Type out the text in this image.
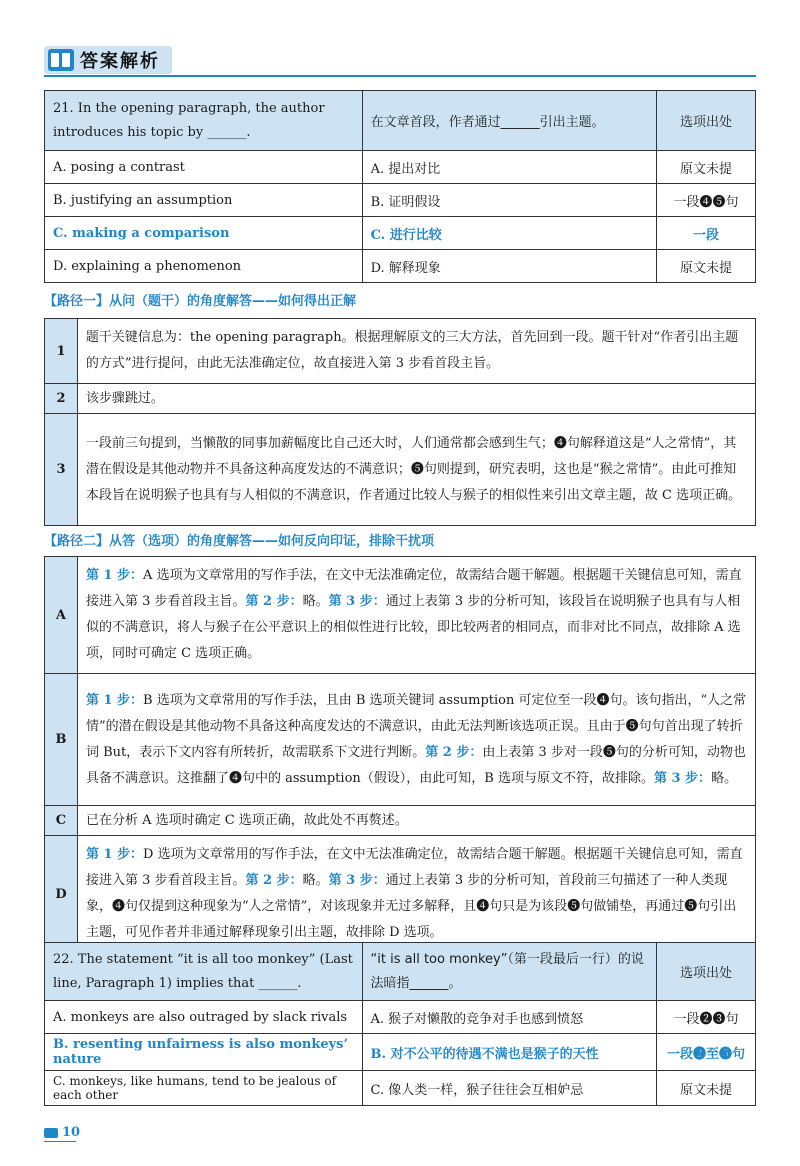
答案解析
21. In the opening paragraph, the author introduces his topic by ______.	在文章首段，作者通过______引出主题。	选项出处
A. posing a contrast	A. 提出对比	原文未提
B. justifying an assumption	B. 证明假设	一段❹❺句
C. making a comparison	C. 进行比较	一段
D. explaining a phenomenon	D. 解释现象	原文未提
【路径一】从问（题干）的角度解答——如何得出正解
1	题干关键信息为：the opening paragraph。根据理解原文的三大方法，首先回到一段。题干针对“作者引出主题的方式”进行提问，由此无法准确定位，故直接进入第 3 步看首段主旨。
2	该步骤跳过。
3	一段前三句提到，当懒散的同事加薪幅度比自己还大时，人们通常都会感到生气；❹句解释道这是“人之常情”，其潜在假设是其他动物并不具备这种高度发达的不满意识；❺句则提到，研究表明，这也是“猴之常情”。由此可推知本段旨在说明猴子也具有与人相似的不满意识，作者通过比较人与猴子的相似性来引出文章主题，故 C 选项正确。
【路径二】从答（选项）的角度解答——如何反向印证，排除干扰项
A	第 1 步：A 选项为文章常用的写作手法，在文中无法准确定位，故需结合题干解题。根据题干关键信息可知，需直接进入第 3 步看首段主旨。第 2 步：略。第 3 步：通过上表第 3 步的分析可知，该段旨在说明猴子也具有与人相似的不满意识，将人与猴子在公平意识上的相似性进行比较，即比较两者的相同点，而非对比不同点，故排除 A 选项，同时可确定 C 选项正确。
B	第 1 步：B 选项为文章常用的写作手法，且由 B 选项关键词 assumption 可定位至一段❹句。该句指出，“人之常情”的潜在假设是其他动物不具备这种高度发达的不满意识，由此无法判断该选项正误。且由于❺句句首出现了转折词 But，表示下文内容有所转折，故需联系下文进行判断。第 2 步：由上表第 3 步对一段❺句的分析可知，动物也具备不满意识。这推翻了❹句中的 assumption（假设），由此可知，B 选项与原文不符，故排除。第 3 步：略。
C	已在分析 A 选项时确定 C 选项正确，故此处不再赘述。
D	第 1 步：D 选项为文章常用的写作手法，在文中无法准确定位，故需结合题干解题。根据题干关键信息可知，需直接进入第 3 步看首段主旨。第 2 步：略。第 3 步：通过上表第 3 步的分析可知，首段前三句描述了一种人类现象，❹句仅提到这种现象为“人之常情”，对该现象并无过多解释，且❹句只是为该段❺句做铺垫，再通过❺句引出主题，可见作者并非通过解释现象引出主题，故排除 D 选项。
22. The statement “it is all too monkey” (Last line, Paragraph 1) implies that ______.	“it is all too monkey”（第一段最后一行）的说法暗指______。	选项出处
A. monkeys are also outraged by slack rivals	A. 猴子对懒散的竞争对手也感到愤怒	一段❷❸句
B. resenting unfairness is also monkeys’ nature	B. 对不公平的待遇不满也是猴子的天性	一段❷至❺句
C. monkeys, like humans, tend to be jealous of each other	C. 像人类一样，猴子往往会互相妒忌	原文未提
10
